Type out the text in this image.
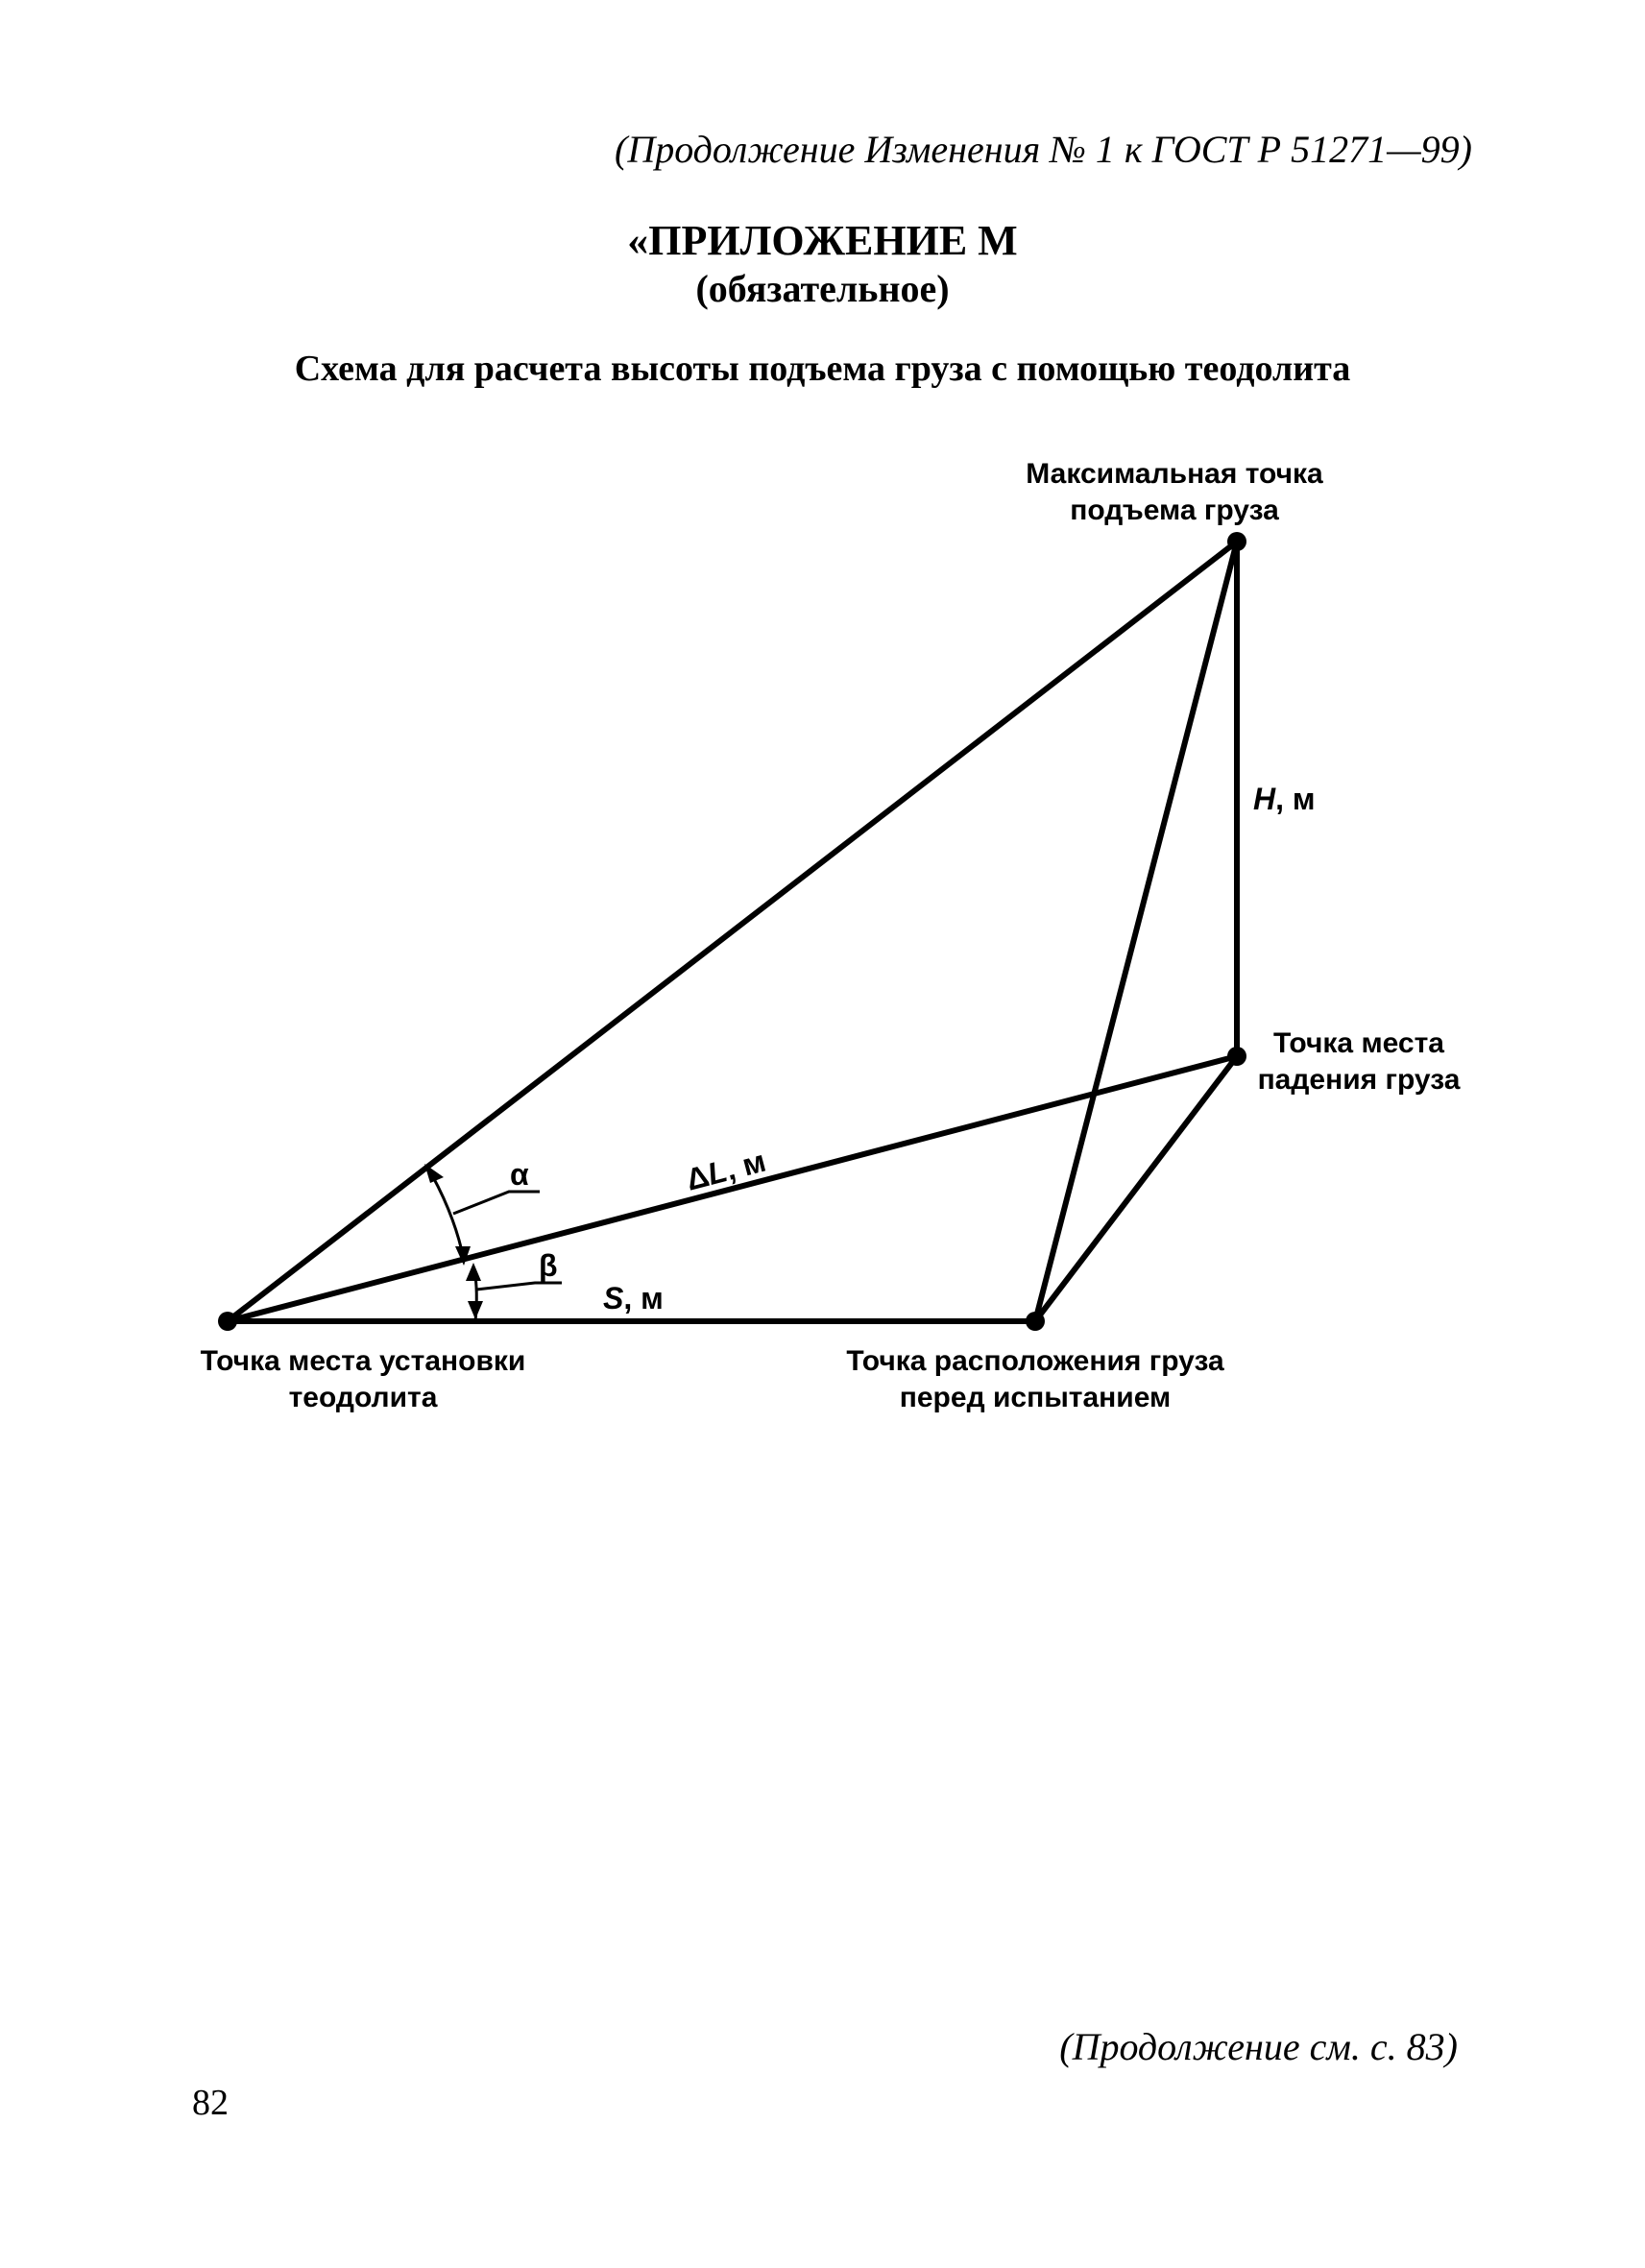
(Продолжение Изменения № 1 к ГОСТ Р 51271—99)
«ПРИЛОЖЕНИЕ М
(обязательное)
Схема для расчета высоты подъема груза с помощью теодолита
Максимальная точка
подъема груза
Точка места
падения груза
Точка места установки
теодолита
Точка расположения груза
перед испытанием
H, м
ΔL, м
S, м
α
β
(Продолжение см. с. 83)
82
